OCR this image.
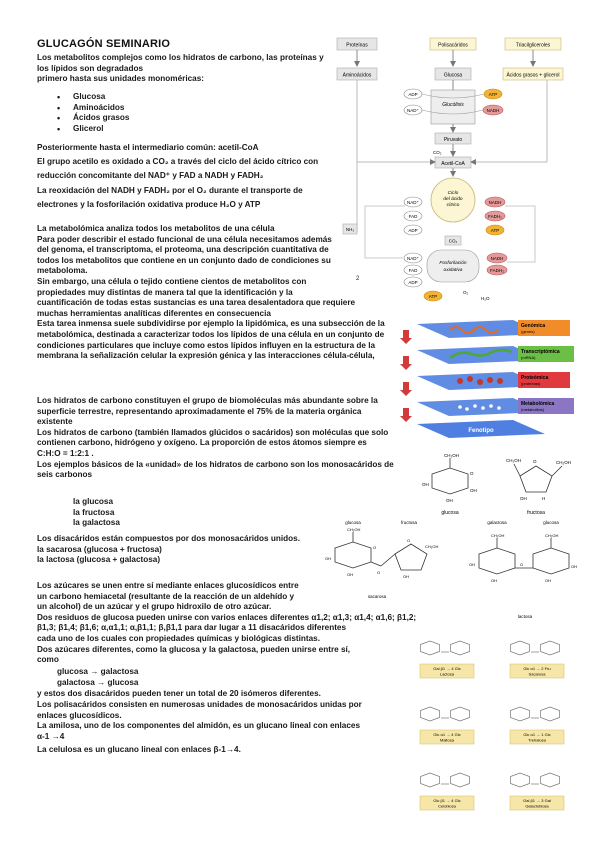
GLUCAGÓN SEMINARIO
Los metabolitos complejos como los hidratos de carbono, las proteínas y
los lípidos son degradados
primero hasta sus unidades monoméricas:
• Glucosa
• Aminoácidos
• Ácidos grasos
• Glicerol
Posteriormente hasta el intermediario común: acetil-CoA
El grupo acetilo es oxidado a CO₂ a través del ciclo del ácido cítrico con
reducción concomitante del NAD⁺ y FAD a NADH y FADH₂
La reoxidación del NADH y FADH₂ por el O₂ durante el transporte de
electrones y la fosforilación oxidativa produce H₂O y ATP
La metabolómica analiza todos los metabolitos de una célula
Para poder describir el estado funcional de una célula necesitamos además
del genoma, el transcriptoma, el proteoma, una descripción cuantitativa de
todos los metabolitos que contiene en un conjunto dado de condiciones su
metaboloma.
Sin embargo, una célula o tejido contiene cientos de metabolitos con
propiedades muy distintas de manera tal que la identificación y la
cuantificación de todas estas sustancias es una tarea desalentadora que requiere
muchas herramientas analíticas diferentes en consecuencia
Esta tarea inmensa suele subdividirse por ejemplo la lipidómica, es una subsección de la
metabolómica, destinada a caracterizar todos los lípidos de una célula en un conjunto de
condiciones particulares que incluye como estos lípidos influyen en la estructura de la
membrana la señalización celular la expresión génica y las interacciones célula-célula,
Los hidratos de carbono constituyen el grupo de biomoléculas más abundante sobre la
superficie terrestre, representando aproximadamente el 75% de la materia orgánica
existente
Los hidratos de carbono (también llamados glúcidos o sacáridos) son moléculas que solo
contienen carbono, hidrógeno y oxígeno. La proporción de estos átomos siempre es
C:H:O = 1:2:1 .
Los ejemplos básicos de la «unidad» de los hidratos de carbono son los monosacáridos de
seis carbonos
la glucosa
la fructosa
la galactosa
Los disacáridos están compuestos por dos monosacáridos unidos.
la sacarosa (glucosa + fructosa)
la lactosa (glucosa + galactosa)
Los azúcares se unen entre sí mediante enlaces glucosídicos entre
un carbono hemiacetal (resultante de la reacción de un aldehído y
un alcohol) de un azúcar y el grupo hidroxilo de otro azúcar.
Dos residuos de glucosa pueden unirse con varios enlaces diferentes α1,2; α1,3; α1,4; α1,6; β1,2;
β1,3; β1,4; β1,6; α,α1,1; α,β1,1; β,β1,1 para dar lugar a 11 disacáridos diferentes
cada uno de los cuales con propiedades químicas y biológicas distintas.
Dos azúcares diferentes, como la glucosa y la galactosa, pueden unirse entre sí,
como
glucosa → galactosa
galactosa → glucosa
y estos dos disacáridos pueden tener un total de 20 isómeros diferentes.
Los polisacáridos consisten en numerosas unidades de monosacáridos unidas por
enlaces glucosídicos.
La amilosa, uno de los componentes del almidón, es un glucano lineal con enlaces
α-1 →4
La celulosa es un glucano lineal con enlaces β-1→4.
Proteínas	Polisacáridos	Triacilgliceroles
Aminoácidos	Glucosa	Ácidos grasos + glicerol
Glucólisis
ADP	ATP
NAD⁺	NADH
Piruvato
CO₂
Acetil-CoA
NH₃
Ciclo
del ácido
cítrico
NAD⁺
FAD
ADP
NADH
FADH₂
ATP
CO₂
Fosforilación
oxidativa
NAD⁺
FAD
ADP
NADH
FADH₂
ATP
O₂
H₂O
2
Fenotipo
Genómica
(genes)
Transcriptómica
(mRNA)
Proteómica
(proteínas)
Metabolómica
(metabolitos)
CH₂OH
O
OH
OH
OH
CH₂OH	O	CH₂OH
OH	H
glucosa	fructosa
glucosa	fructosa	galactosa	glucosa
CH₂OH
O
OH
OH	O
O
CH₂OH
OH
CH₂OH
OH	O
CH₂OH
OH
OH	OH
sacarosa
lactosa
Gal β1 → 4 Glc
Lactosa
Glc α1 → 2 Fru
Sacarosa
Glc α1 → 4 Glc
Maltosa
Glc α1 → 1 Glc
Trehalosa
Glc β1 → 4 Glc
Celobiosa
Gal β1 → 3 Gal
Galactobiosa
